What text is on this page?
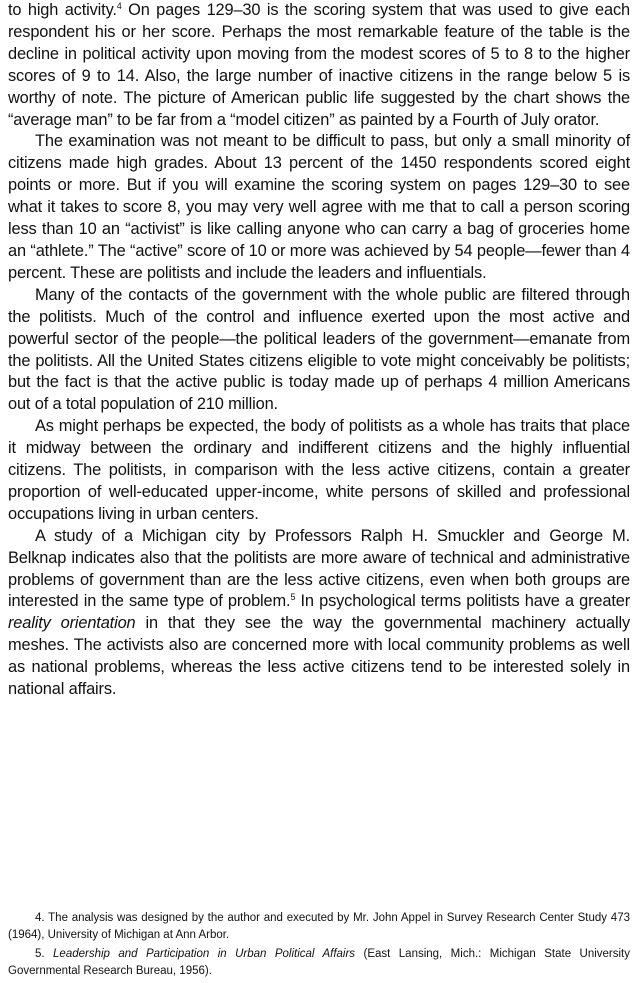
to high activity.$^4$ On pages 129–30 is the scoring system that was used to give each respondent his or her score. Perhaps the most remarkable feature of the table is the decline in political activity upon moving from the modest scores of 5 to 8 to the higher scores of 9 to 14. Also, the large number of inactive citizens in the range below 5 is worthy of note. The picture of American public life suggested by the chart shows the “average man” to be far from a “model citizen” as painted by a Fourth of July orator.

The examination was not meant to be difficult to pass, but only a small minority of citizens made high grades. About 13 percent of the 1450 respondents scored eight points or more. But if you will examine the scoring system on pages 129–30 to see what it takes to score 8, you may very well agree with me that to call a person scoring less than 10 an “activist” is like calling anyone who can carry a bag of groceries home an “athlete.” The “active” score of 10 or more was achieved by 54 people—fewer than 4 percent. These are politists and include the leaders and influentials.

Many of the contacts of the government with the whole public are filtered through the politists. Much of the control and influence exerted upon the most active and powerful sector of the people—the political leaders of the government—emanate from the politists. All the United States citizens eligible to vote might conceivably be politists; but the fact is that the active public is today made up of perhaps 4 million Americans out of a total population of 210 million.

As might perhaps be expected, the body of politists as a whole has traits that place it midway between the ordinary and indifferent citizens and the highly influential citizens. The politists, in comparison with the less active citizens, contain a greater proportion of well-educated upper-income, white persons of skilled and professional occupations living in urban centers.

A study of a Michigan city by Professors Ralph H. Smuckler and George M. Belknap indicates also that the politists are more aware of technical and administrative problems of government than are the less active citizens, even when both groups are interested in the same type of problem.$^5$ In psychological terms politists have a greater reality orientation in that they see the way the governmental machinery actually meshes. The activists also are concerned more with local community problems as well as national problems, whereas the less active citizens tend to be interested solely in national affairs.

4. The analysis was designed by the author and executed by Mr. John Appel in Survey Research Center Study 473 (1964), University of Michigan at Ann Arbor.

5. Leadership and Participation in Urban Political Affairs (East Lansing, Mich.: Michigan State University Governmental Research Bureau, 1956).
